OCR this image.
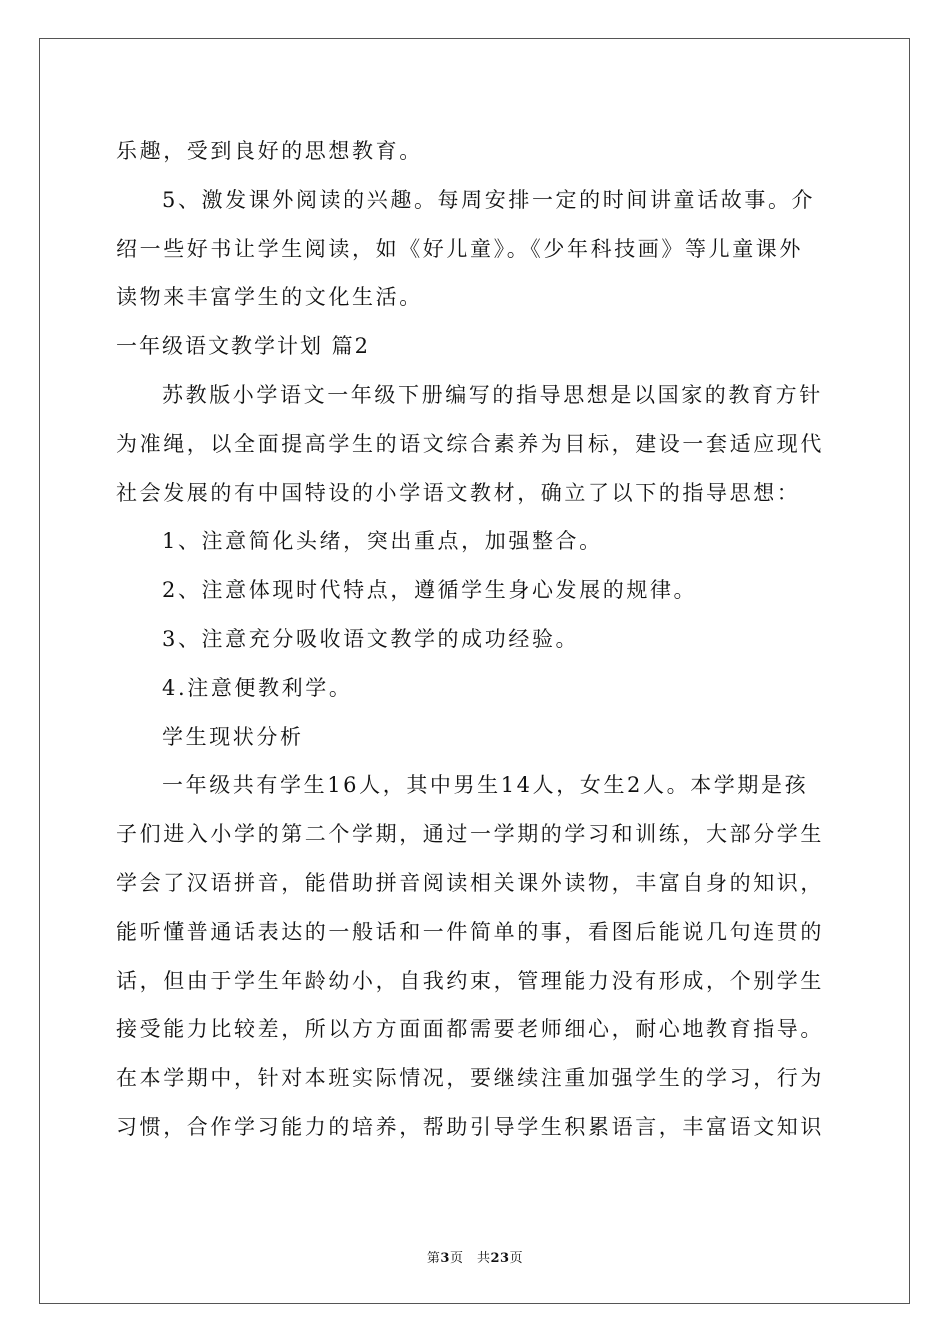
乐趣，受到良好的思想教育。
5、激发课外阅读的兴趣。每周安排一定的时间讲童话故事。介
绍一些好书让学生阅读，如《好儿童》。《少年科技画》等儿童课外
读物来丰富学生的文化生活。
一年级语文教学计划 篇2
苏教版小学语文一年级下册编写的指导思想是以国家的教育方针
为准绳，以全面提高学生的语文综合素养为目标，建设一套适应现代
社会发展的有中国特设的小学语文教材，确立了以下的指导思想：
1、注意简化头绪，突出重点，加强整合。
2、注意体现时代特点，遵循学生身心发展的规律。
3、注意充分吸收语文教学的成功经验。
4.注意便教利学。
学生现状分析
一年级共有学生16人，其中男生14人，女生2人。本学期是孩
子们进入小学的第二个学期，通过一学期的学习和训练，大部分学生
学会了汉语拼音，能借助拼音阅读相关课外读物，丰富自身的知识，
能听懂普通话表达的一般话和一件简单的事，看图后能说几句连贯的
话，但由于学生年龄幼小，自我约束，管理能力没有形成，个别学生
接受能力比较差，所以方方面面都需要老师细心，耐心地教育指导。
在本学期中，针对本班实际情况，要继续注重加强学生的学习，行为
习惯，合作学习能力的培养，帮助引导学生积累语言，丰富语文知识
第3页　共23页
